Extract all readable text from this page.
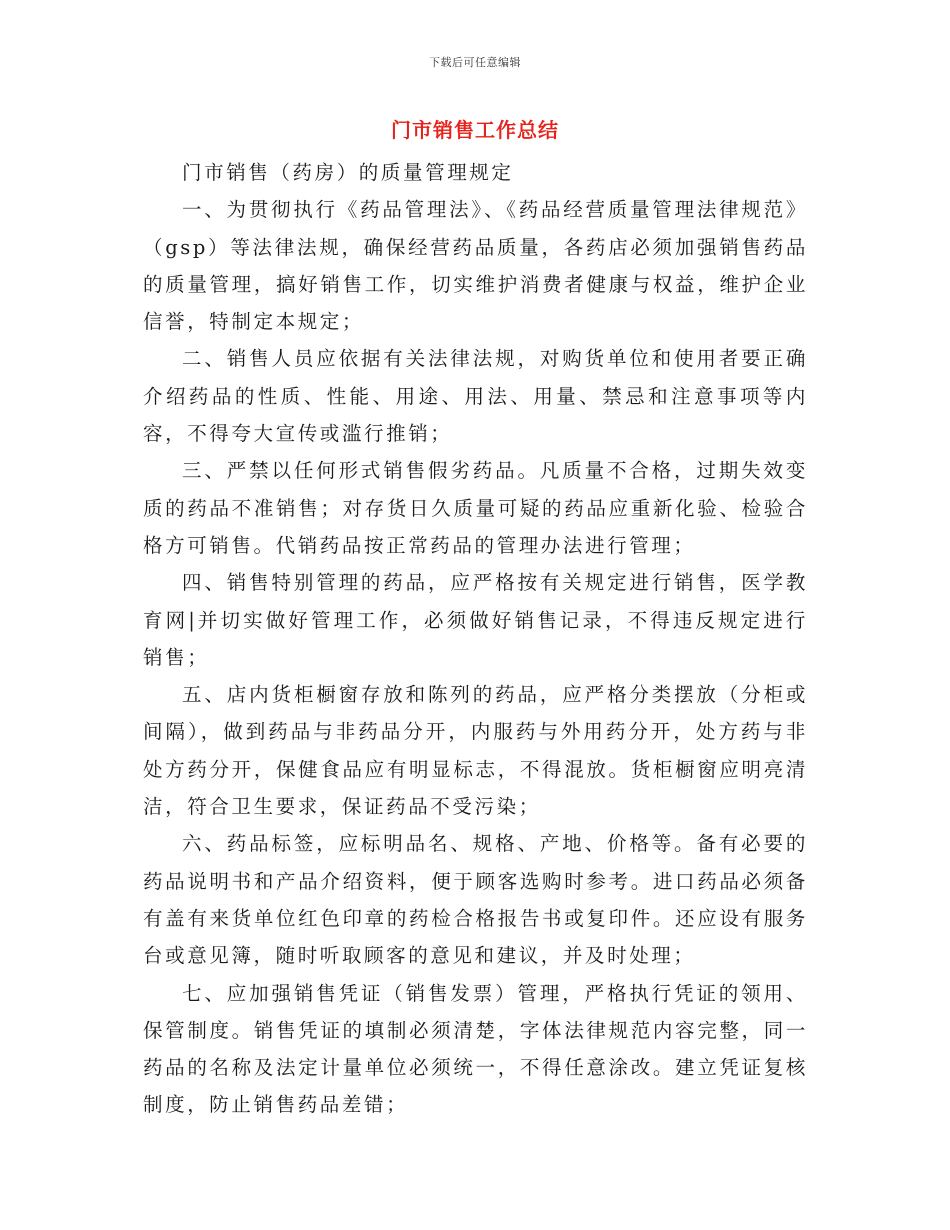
下载后可任意编辑
门市销售工作总结

门市销售（药房）的质量管理规定

一、为贯彻执行《药品管理法》、《药品经营质量管理法律规范》（gsp）等法律法规，确保经营药品质量，各药店必须加强销售药品的质量管理，搞好销售工作，切实维护消费者健康与权益，维护企业信誉，特制定本规定；

二、销售人员应依据有关法律法规，对购货单位和使用者要正确介绍药品的性质、性能、用途、用法、用量、禁忌和注意事项等内容，不得夸大宣传或滥行推销；

三、严禁以任何形式销售假劣药品。凡质量不合格，过期失效变质的药品不准销售；对存货日久质量可疑的药品应重新化验、检验合格方可销售。代销药品按正常药品的管理办法进行管理；

四、销售特别管理的药品，应严格按有关规定进行销售，医学教育网|并切实做好管理工作，必须做好销售记录，不得违反规定进行销售；

五、店内货柜橱窗存放和陈列的药品，应严格分类摆放（分柜或间隔），做到药品与非药品分开，内服药与外用药分开，处方药与非处方药分开，保健食品应有明显标志，不得混放。货柜橱窗应明亮清洁，符合卫生要求，保证药品不受污染；

六、药品标签，应标明品名、规格、产地、价格等。备有必要的药品说明书和产品介绍资料，便于顾客选购时参考。进口药品必须备有盖有来货单位红色印章的药检合格报告书或复印件。还应设有服务台或意见簿，随时听取顾客的意见和建议，并及时处理；

七、应加强销售凭证（销售发票）管理，严格执行凭证的领用、保管制度。销售凭证的填制必须清楚，字体法律规范内容完整，同一药品的名称及法定计量单位必须统一，不得任意涂改。建立凭证复核制度，防止销售药品差错；
